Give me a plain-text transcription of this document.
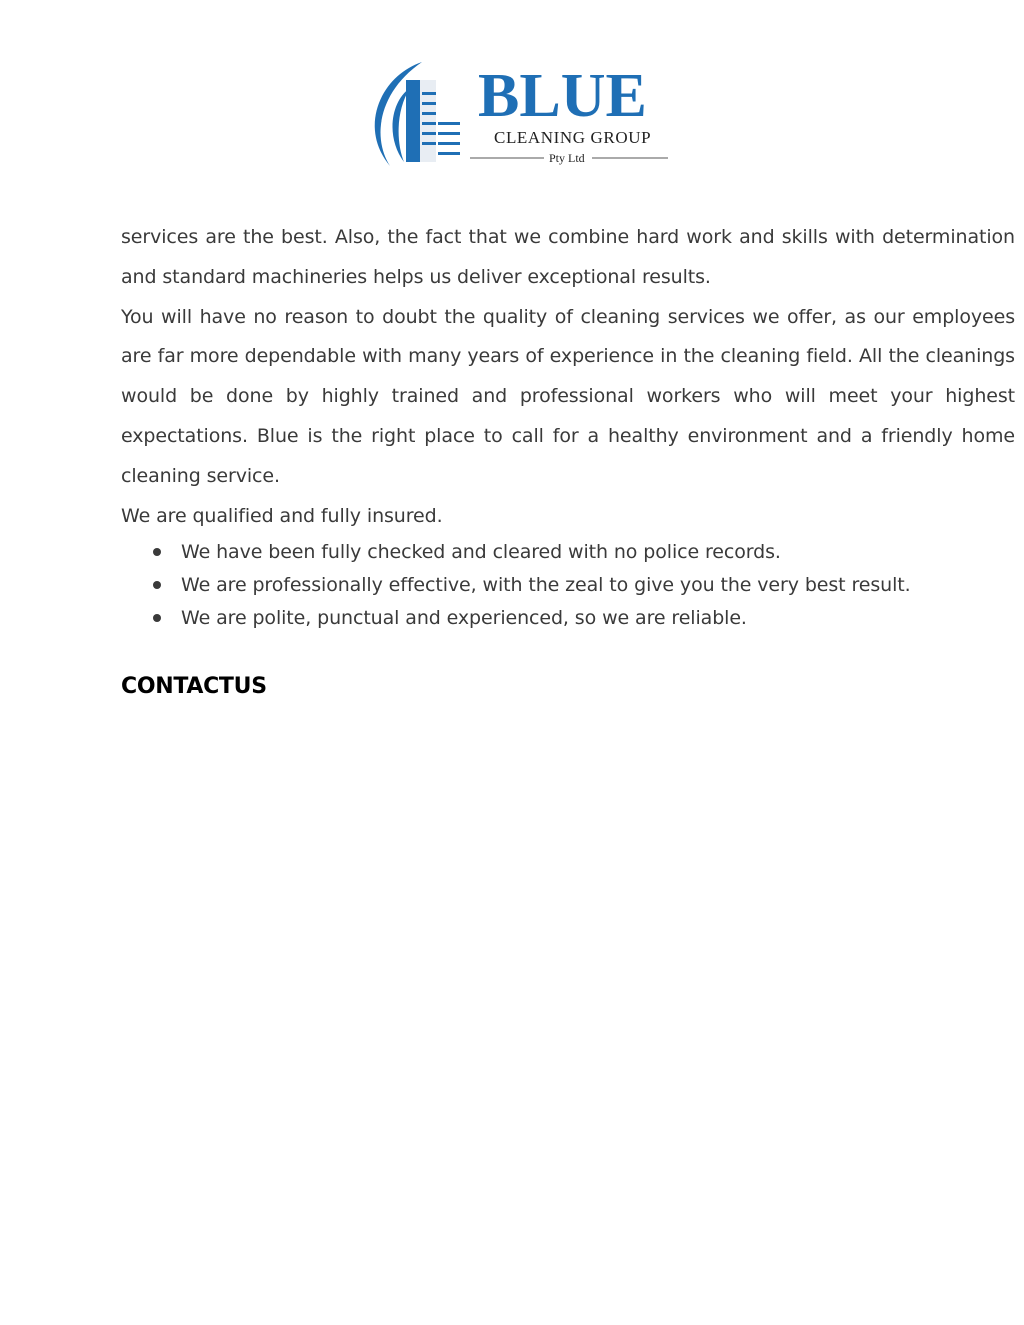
BLUE
CLEANING GROUP
Pty Ltd

services are the best. Also, the fact that we combine hard work and skills with determination and standard machineries helps us deliver exceptional results.

You will have no reason to doubt the quality of cleaning services we offer, as our employees are far more dependable with many years of experience in the cleaning field. All the cleanings would be done by highly trained and professional workers who will meet your highest expectations. Blue is the right place to call for a healthy environment and a friendly home cleaning service.

We are qualified and fully insured.

We have been fully checked and cleared with no police records.
We are professionally effective, with the zeal to give you the very best result.
We are polite, punctual and experienced, so we are reliable.
CONTACTUS
